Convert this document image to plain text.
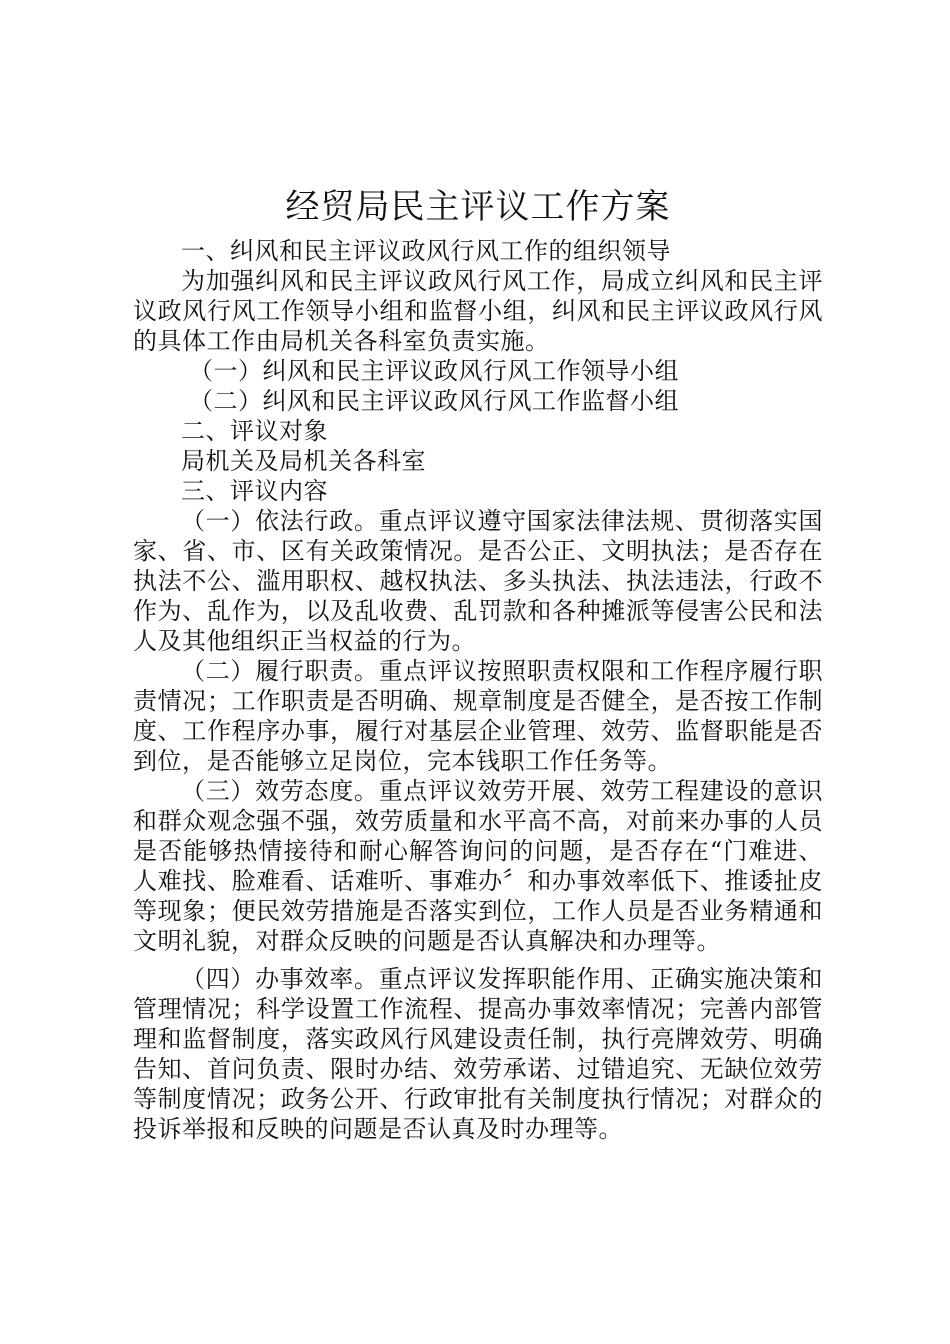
经贸局民主评议工作方案

一、纠风和民主评议政风行风工作的组织领导

为加强纠风和民主评议政风行风工作，局成立纠风和民主评议政风行风工作领导小组和监督小组，纠风和民主评议政风行风的具体工作由局机关各科室负责实施。

（一）纠风和民主评议政风行风工作领导小组

（二）纠风和民主评议政风行风工作监督小组

二、评议对象

局机关及局机关各科室

三、评议内容

（一）依法行政。重点评议遵守国家法律法规、贯彻落实国家、省、市、区有关政策情况。是否公正、文明执法；是否存在执法不公、滥用职权、越权执法、多头执法、执法违法，行政不作为、乱作为，以及乱收费、乱罚款和各种摊派等侵害公民和法人及其他组织正当权益的行为。

（二）履行职责。重点评议按照职责权限和工作程序履行职责情况；工作职责是否明确、规章制度是否健全，是否按工作制度、工作程序办事，履行对基层企业管理、效劳、监督职能是否到位，是否能够立足岗位，完本钱职工作任务等。

（三）效劳态度。重点评议效劳开展、效劳工程建设的意识和群众观念强不强，效劳质量和水平高不高，对前来办事的人员是否能够热情接待和耐心解答询问的问题，是否存在“门难进、人难找、脸难看、话难听、事难办〞和办事效率低下、推诿扯皮等现象；便民效劳措施是否落实到位，工作人员是否业务精通和文明礼貌，对群众反映的问题是否认真解决和办理等。

（四）办事效率。重点评议发挥职能作用、正确实施决策和管理情况；科学设置工作流程、提高办事效率情况；完善内部管理和监督制度，落实政风行风建设责任制，执行亮牌效劳、明确告知、首问负责、限时办结、效劳承诺、过错追究、无缺位效劳等制度情况；政务公开、行政审批有关制度执行情况；对群众的投诉举报和反映的问题是否认真及时办理等。
